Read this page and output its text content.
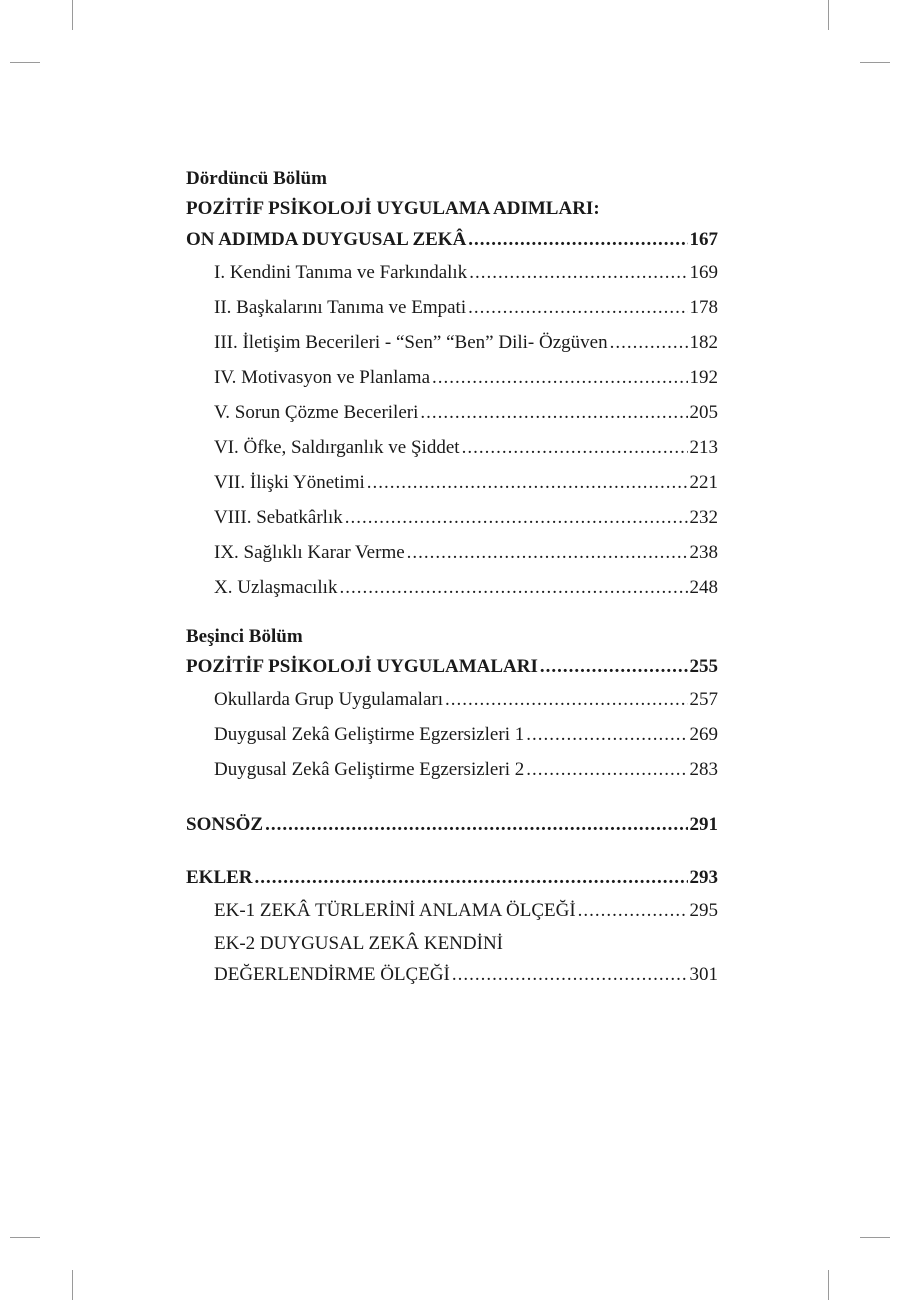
Dördüncü Bölüm
POZİTİF PSİKOLOJİ UYGULAMA ADIMLARI:
ON ADIMDA DUYGUSAL ZEKÂ .....	167
I. Kendini Tanıma ve Farkındalık .....	169
II. Başkalarını Tanıma ve Empati .....	178
III. İletişim Becerileri - “Sen” “Ben” Dili- Özgüven .....	182
IV. Motivasyon ve Planlama .....	192
V. Sorun Çözme Becerileri .....	205
VI. Öfke, Saldırganlık ve Şiddet .....	213
VII. İlişki Yönetimi .....	221
VIII. Sebatkârlık .....	232
IX. Sağlıklı Karar Verme .....	238
X. Uzlaşmacılık .....	248
Beşinci Bölüm
POZİTİF PSİKOLOJİ UYGULAMALARI .....	255
Okullarda Grup Uygulamaları .....	257
Duygusal Zekâ Geliştirme Egzersizleri 1 .....	269
Duygusal Zekâ Geliştirme Egzersizleri 2 .....	283
SONSÖZ .....	291
EKLER .....	293
EK-1 ZEKÂ TÜRLERİNİ ANLAMA ÖLÇEĞİ .....	295
EK-2 DUYGUSAL ZEKÂ KENDİNİ
DEĞERLENDİRME ÖLÇEĞİ .....	301
